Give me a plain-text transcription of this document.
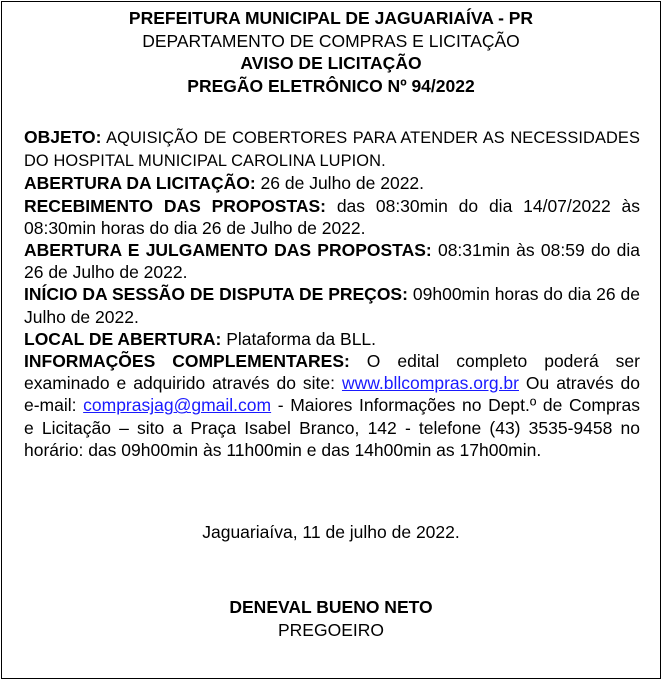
PREFEITURA MUNICIPAL DE JAGUARIAÍVA - PR
DEPARTAMENTO DE COMPRAS E LICITAÇÃO
AVISO DE LICITAÇÃO
PREGÃO ELETRÔNICO Nº 94/2022

OBJETO: AQUISIÇÃO DE COBERTORES PARA ATENDER AS NECESSIDADES DO HOSPITAL MUNICIPAL CAROLINA LUPION.

ABERTURA DA LICITAÇÃO: 26 de Julho de 2022.

RECEBIMENTO DAS PROPOSTAS: das 08:30min do dia 14/07/2022 às 08:30min horas do dia 26 de Julho de 2022.

ABERTURA E JULGAMENTO DAS PROPOSTAS: 08:31min às 08:59 do dia 26 de Julho de 2022.

INÍCIO DA SESSÃO DE DISPUTA DE PREÇOS: 09h00min horas do dia 26 de Julho de 2022.

LOCAL DE ABERTURA: Plataforma da BLL.

INFORMAÇÕES COMPLEMENTARES: O edital completo poderá ser examinado e adquirido através do site: www.bllcompras.org.br Ou através do e-mail: comprasjag@gmail.com - Maiores Informações no Dept.º de Compras e Licitação – sito a Praça Isabel Branco, 142 - telefone (43) 3535-9458 no horário: das 09h00min às 11h00min e das 14h00min as 17h00min.

Jaguariaíva, 11 de julho de 2022.
DENEVAL BUENO NETO
PREGOEIRO
